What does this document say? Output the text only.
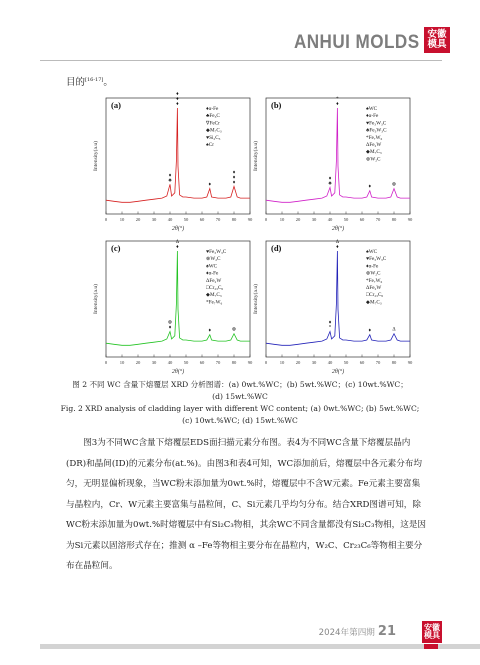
ANHUI MOLDS 安徽
模具
目的[16-17]。
0	10 20 30 40 50 60 70 80 90
2θ(°)
Intensity(a.u)
(a)	♦α-Fe
♣Fe₃C
∇FeCr
◆M₇C₃
♥Si₂C₃
♠Cr
♦
♣
♦
♦
♦
♦
♦
♦
♦
0	10 20 30 40 50 60 70 80 90
2θ(°)
Intensity(a.u)
(b)	♠WC
♦α-Fe
♥Fe₃W₃C
♣Fe₃W₃C
*Fe₇W₆
ΔFe₂W
◆M₇C₃
⊗W₂C
♦
♣
*
♦
♦	⊗
0	10 20 30 40 50 60 70 80 90
2θ(°)
Intensity(a.u)
(c)	♥Fe₃W₃C
⊗W₂C
♠WC
♦α-Fe
ΔFe₂W
□Cr₂₃C₆
◆M₇C₃
*Fe₇W₆
⊗
♦
Δ
♦
♦	⊗
0	10 20 30 40 50 60 70 80 90
2θ(°)
Intensity(a.u)
(d)	♠WC
♥Fe₃W₃C
♦α-Fe
⊗W₂C
*Fe₇W₆
ΔFe₂W
□Cr₂₃C₆
◆M₇C₃
♦
*
Δ
♦
♦	Δ
图 2 不同 WC 含量下熔覆层 XRD 分析图谱：(a) 0wt.%WC；(b) 5wt.%WC；(c) 10wt.%WC；
(d) 15wt.%WC
Fig. 2 XRD analysis of cladding layer with different WC content; (a) 0wt.%WC; (b) 5wt.%WC;
(c) 10wt.%WC; (d) 15wt.%WC

图3为不同WC含量下熔覆层EDS面扫描元素分布图。表4为不同WC含量下熔覆层晶内(DR)和晶间(ID)的元素分布(at.%)。由图3和表4可知，WC添加前后，熔覆层中各元素分布均匀，无明显偏析现象，当WC粉末添加量为0wt.%时，熔覆层中不含W元素。Fe元素主要富集与晶粒内，Cr、W元素主要富集与晶粒间，C、Si元素几乎均匀分布。结合XRD图谱可知，除WC粉末添加量为0wt.%时熔覆层中有Si₂C₃物相，其余WC不同含量都没有Si₂C₃物相，这是因为Si元素以固溶形式存在；推测 α –Fe等物相主要分布在晶粒内，W₂C、Cr₂₃C₆等物相主要分布在晶粒间。

2024年第四期 21	安徽
模具
